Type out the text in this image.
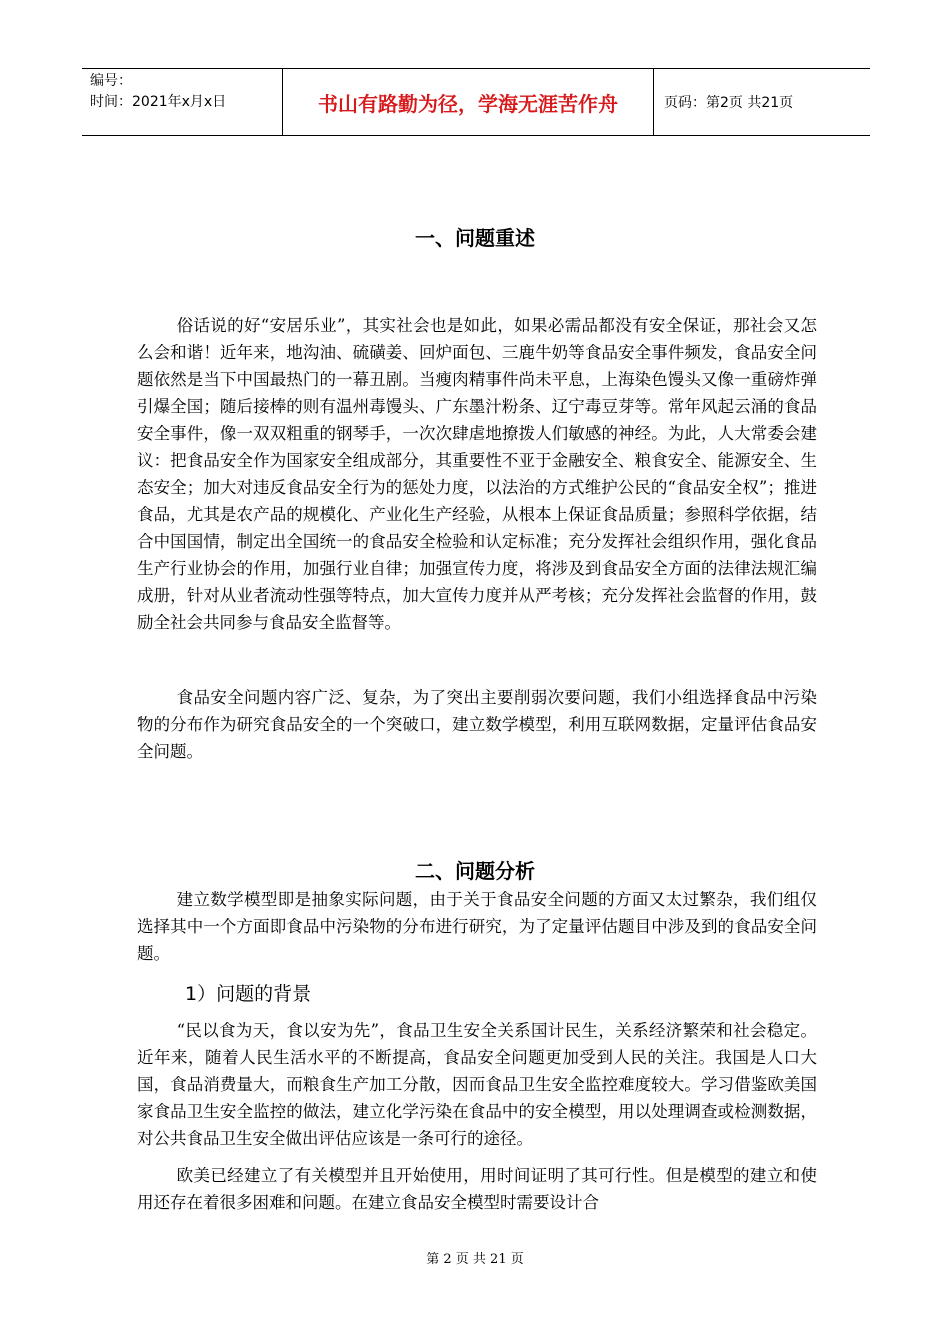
编号：
时间：2021年x月x日	书山有路勤为径，学海无涯苦作舟	页码：第2页 共21页
一、问题重述
俗话说的好“安居乐业”，其实社会也是如此，如果必需品都没有安全保证，那社会又怎么会和谐！近年来，地沟油、硫磺姜、回炉面包、三鹿牛奶等食品安全事件频发，食品安全问题依然是当下中国最热门的一幕丑剧。当瘦肉精事件尚未平息，上海染色馒头又像一重磅炸弹引爆全国；随后接棒的则有温州毒馒头、广东墨汁粉条、辽宁毒豆芽等。常年风起云涌的食品安全事件，像一双双粗重的钢琴手，一次次肆虐地撩拨人们敏感的神经。为此，人大常委会建议：把食品安全作为国家安全组成部分，其重要性不亚于金融安全、粮食安全、能源安全、生态安全；加大对违反食品安全行为的惩处力度，以法治的方式维护公民的“食品安全权”；推进食品，尤其是农产品的规模化、产业化生产经验，从根本上保证食品质量；参照科学依据，结合中国国情，制定出全国统一的食品安全检验和认定标准；充分发挥社会组织作用，强化食品生产行业协会的作用，加强行业自律；加强宣传力度，将涉及到食品安全方面的法律法规汇编成册，针对从业者流动性强等特点，加大宣传力度并从严考核；充分发挥社会监督的作用，鼓励全社会共同参与食品安全监督等。
食品安全问题内容广泛、复杂，为了突出主要削弱次要问题，我们小组选择食品中污染物的分布作为研究食品安全的一个突破口，建立数学模型，利用互联网数据，定量评估食品安全问题。
二、问题分析
建立数学模型即是抽象实际问题，由于关于食品安全问题的方面又太过繁杂，我们组仅选择其中一个方面即食品中污染物的分布进行研究，为了定量评估题目中涉及到的食品安全问题。
1）问题的背景
“民以食为天，食以安为先”，食品卫生安全关系国计民生，关系经济繁荣和社会稳定。近年来，随着人民生活水平的不断提高，食品安全问题更加受到人民的关注。我国是人口大国，食品消费量大，而粮食生产加工分散，因而食品卫生安全监控难度较大。学习借鉴欧美国家食品卫生安全监控的做法，建立化学污染在食品中的安全模型，用以处理调查或检测数据，对公共食品卫生安全做出评估应该是一条可行的途径。
欧美已经建立了有关模型并且开始使用，用时间证明了其可行性。但是模型的建立和使用还存在着很多困难和问题。在建立食品安全模型时需要设计合
第 2 页 共 21 页
